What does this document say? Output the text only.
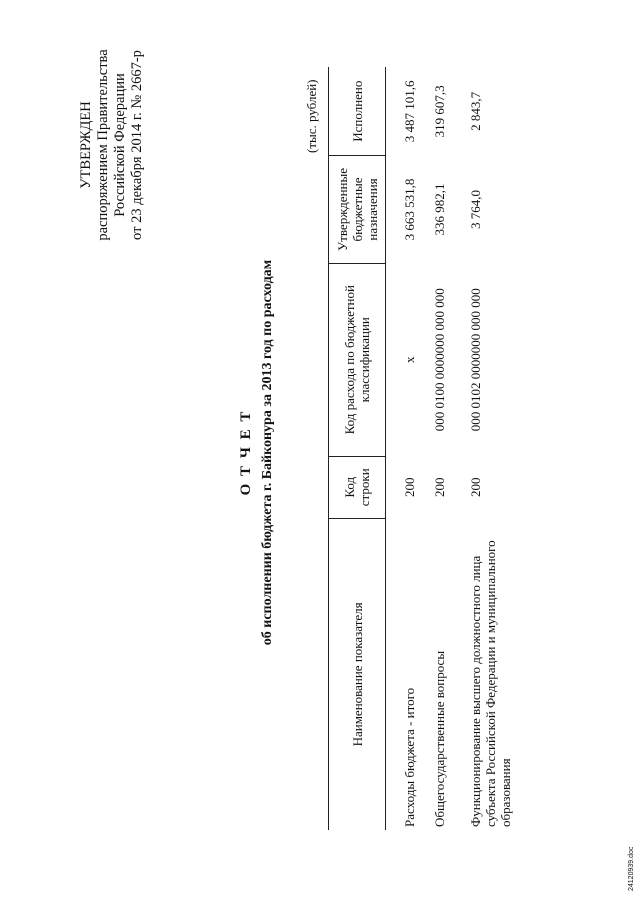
УТВЕРЖДЕН распоряжением Правительства Российской Федерации от 23 декабря 2014 г. № 2667-р
О Т Ч Е Т об исполнении бюджета г. Байконура за 2013 год по расходам
(тыс. рублей)
Наименование показателя	Код строки	Код расхода по бюджетной классификации	Утвержденные бюджетные назначения	Исполнено
Расходы бюджета - итого	200	x	3 663 531,8	3 487 101,6
Общегосударственные вопросы	200	000 0100 0000000 000 000	336 982,1	319 607,3
Функционирование высшего должностного лица субъекта Российской Федерации и муниципального образования	200	000 0102 0000000 000 000	3 764,0	2 843,7
24120939.doc
